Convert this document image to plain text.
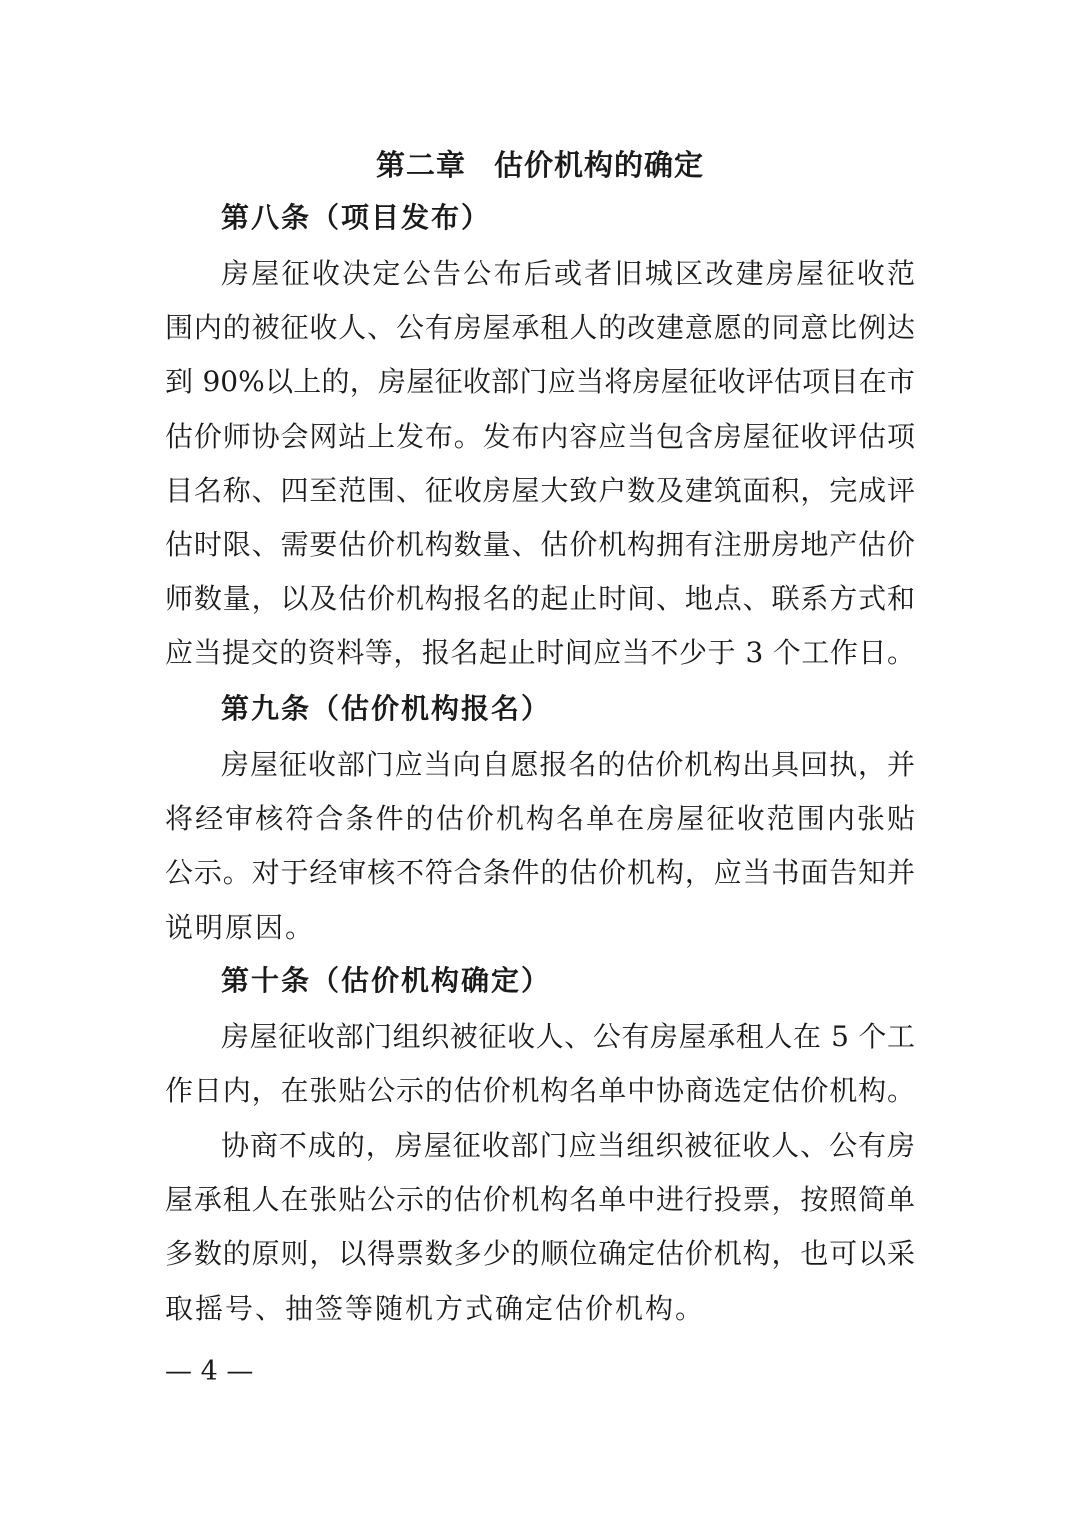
第二章 估价机构的确定
第八条（项目发布）
房屋征收决定公告公布后或者旧城区改建房屋征收范
围内的被征收人、公有房屋承租人的改建意愿的同意比例达
到 90%以上的，房屋征收部门应当将房屋征收评估项目在市
估价师协会网站上发布。发布内容应当包含房屋征收评估项
目名称、四至范围、征收房屋大致户数及建筑面积，完成评
估时限、需要估价机构数量、估价机构拥有注册房地产估价
师数量，以及估价机构报名的起止时间、地点、联系方式和
应当提交的资料等，报名起止时间应当不少于 3 个工作日。
第九条（估价机构报名）
房屋征收部门应当向自愿报名的估价机构出具回执，并
将经审核符合条件的估价机构名单在房屋征收范围内张贴
公示。对于经审核不符合条件的估价机构，应当书面告知并
说明原因。
第十条（估价机构确定）
房屋征收部门组织被征收人、公有房屋承租人在 5 个工
作日内，在张贴公示的估价机构名单中协商选定估价机构。
协商不成的，房屋征收部门应当组织被征收人、公有房
屋承租人在张贴公示的估价机构名单中进行投票，按照简单
多数的原则，以得票数多少的顺位确定估价机构，也可以采
取摇号、抽签等随机方式确定估价机构。
— 4 —
